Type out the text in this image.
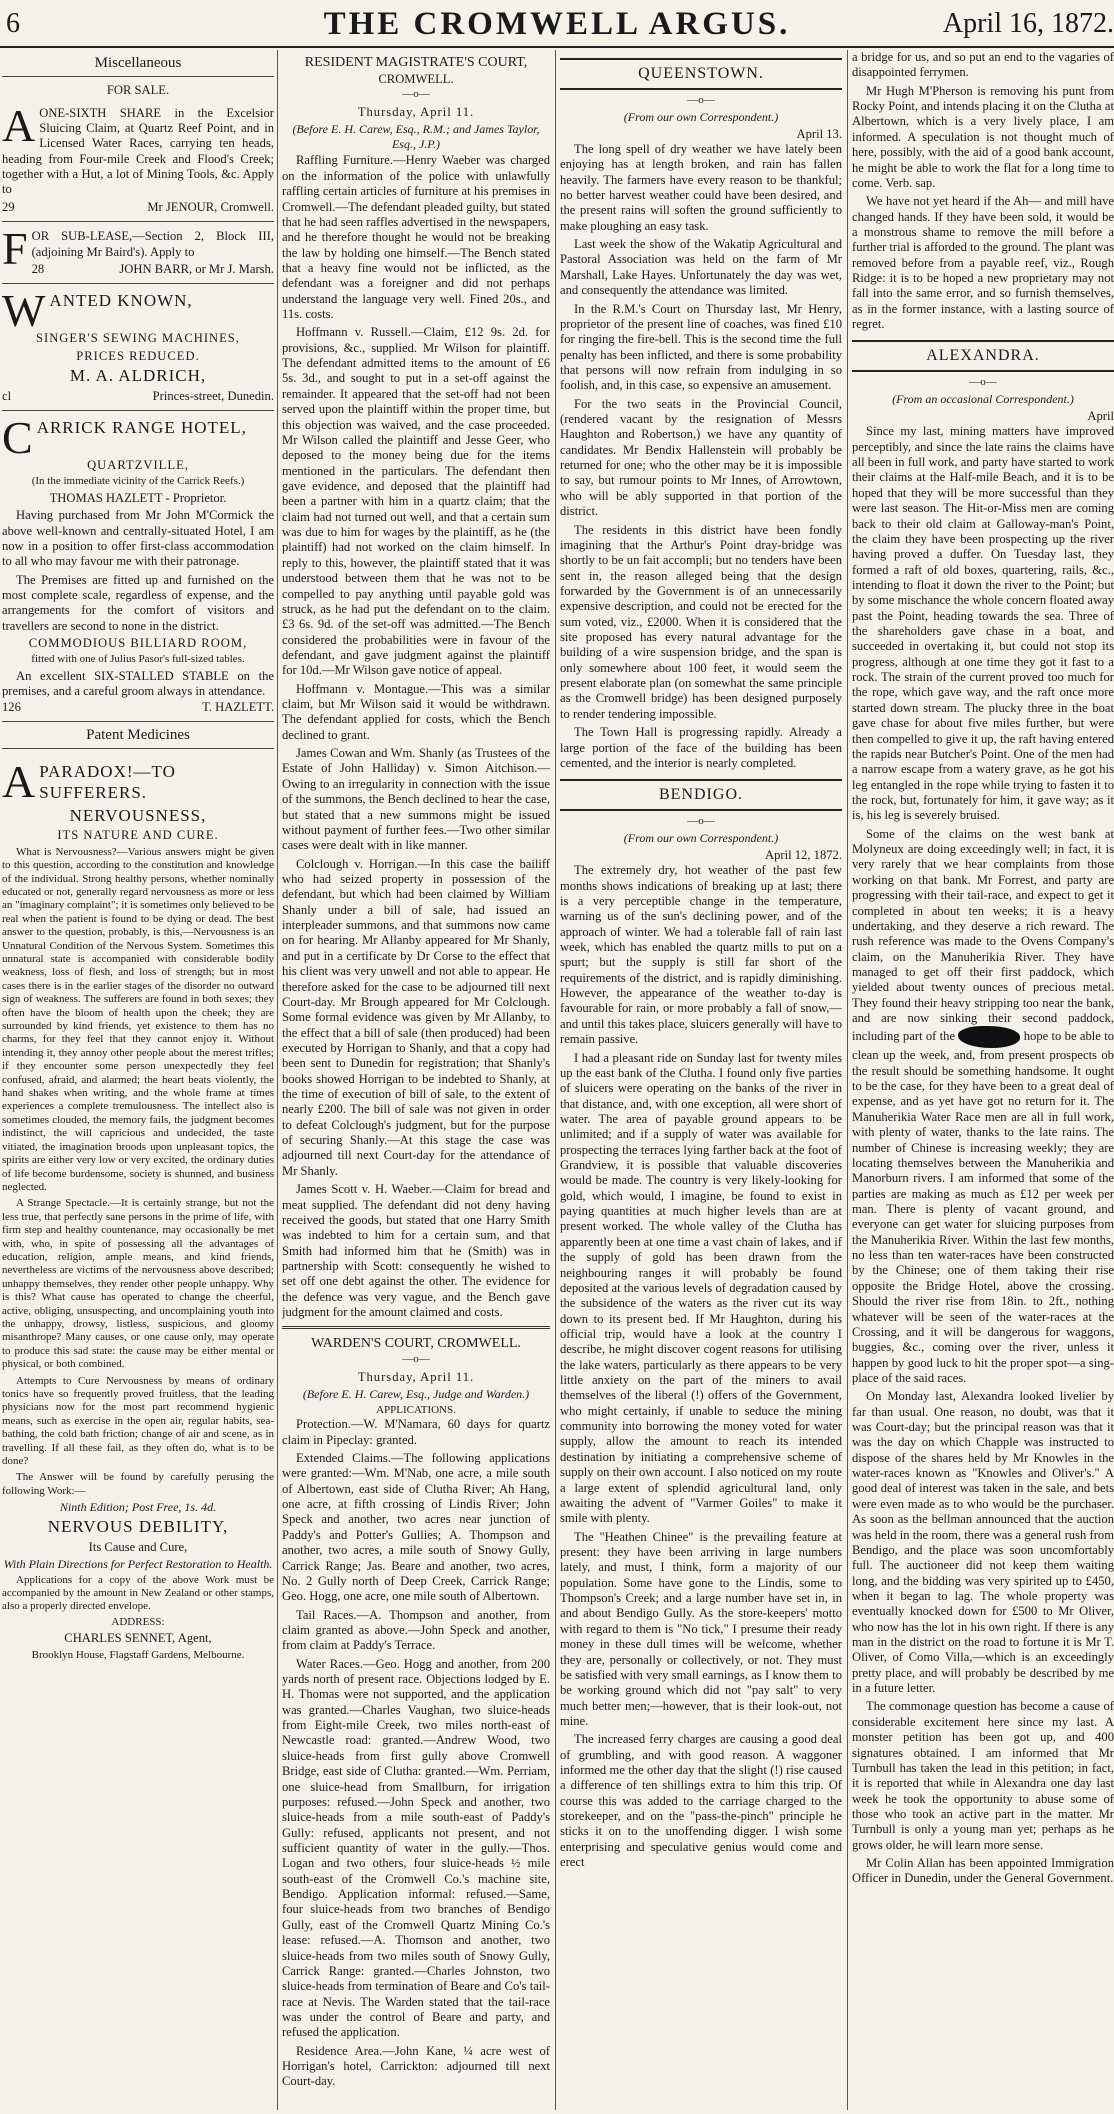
6	THE CROMWELL ARGUS.	April 16, 1872.
Miscellaneous
FOR SALE.
A ONE-SIXTH SHARE in the Excelsior Sluicing Claim, at Quartz Reef Point, and in Licensed Water Races, carrying ten heads, heading from Four-mile Creek and Flood's Creek; together with a Hut, a lot of Mining Tools, &c. Apply to

29	Mr JENOUR, Cromwell.
F OR SUB-LEASE,—Section 2, Block III, (adjoining Mr Baird's). Apply to

28	JOHN BARR, or Mr J. Marsh.
W ANTED KNOWN,

SINGER'S SEWING MACHINES,

PRICES REDUCED.

M. A. ALDRICH,

cl	Princes-street, Dunedin.
C ARRICK RANGE HOTEL,

QUARTZVILLE,

(In the immediate vicinity of the Carrick Reefs.)

THOMAS HAZLETT - Proprietor.

Having purchased from Mr John M'Cormick the above well-known and centrally-situated Hotel, I am now in a position to offer first-class accommodation to all who may favour me with their patronage.

The Premises are fitted up and furnished on the most complete scale, regardless of expense, and the arrangements for the comfort of visitors and travellers are second to none in the district.

COMMODIOUS BILLIARD ROOM,

fitted with one of Julius Pasor's full-sized tables.

An excellent SIX-STALLED STABLE on the premises, and a careful groom always in attendance.

126	T. HAZLETT.
Patent Medicines
A PARADOX!—TO SUFFERERS.

NERVOUSNESS,

ITS NATURE AND CURE.

What is Nervousness?—Various answers might be given to this question, according to the constitution and knowledge of the individual. Strong healthy persons, whether nominally educated or not, generally regard nervousness as more or less an "imaginary complaint"; it is sometimes only believed to be real when the patient is found to be dying or dead. The best answer to the question, probably, is this,—Nervousness is an Unnatural Condition of the Nervous System. Sometimes this unnatural state is accompanied with considerable bodily weakness, loss of flesh, and loss of strength; but in most cases there is in the earlier stages of the disorder no outward sign of weakness. The sufferers are found in both sexes; they often have the bloom of health upon the cheek; they are surrounded by kind friends, yet existence to them has no charms, for they feel that they cannot enjoy it. Without intending it, they annoy other people about the merest trifles; if they encounter some person unexpectedly they feel confused, afraid, and alarmed; the heart beats violently, the hand shakes when writing, and the whole frame at times experiences a complete tremulousness. The intellect also is sometimes clouded, the memory fails, the judgment becomes indistinct, the will capricious and undecided, the taste vitiated, the imagination broods upon unpleasant topics, the spirits are either very low or very excited, the ordinary duties of life become burdensome, society is shunned, and business neglected.

A Strange Spectacle.—It is certainly strange, but not the less true, that perfectly sane persons in the prime of life, with firm step and healthy countenance, may occasionally be met with, who, in spite of possessing all the advantages of education, religion, ample means, and kind friends, nevertheless are victims of the nervousness above described; unhappy themselves, they render other people unhappy. Why is this? What cause has operated to change the cheerful, active, obliging, unsuspecting, and uncomplaining youth into the unhappy, drowsy, listless, suspicious, and gloomy misanthrope? Many causes, or one cause only, may operate to produce this sad state: the cause may be either mental or physical, or both combined.

Attempts to Cure Nervousness by means of ordinary tonics have so frequently proved fruitless, that the leading physicians now for the most part recommend hygienic means, such as exercise in the open air, regular habits, sea-bathing, the cold bath friction; change of air and scene, as in travelling. If all these fail, as they often do, what is to be done?

The Answer will be found by carefully perusing the following Work:—

Ninth Edition; Post Free, 1s. 4d.

NERVOUS DEBILITY,

Its Cause and Cure,

With Plain Directions for Perfect Restoration to Health.

Applications for a copy of the above Work must be accompanied by the amount in New Zealand or other stamps, also a properly directed envelope.

ADDRESS:

CHARLES SENNET, Agent,

Brooklyn House, Flagstaff Gardens, Melbourne.

RESIDENT MAGISTRATE'S COURT,
CROMWELL.
—o—
Thursday, April 11.
(Before E. H. Carew, Esq., R.M.; and James Taylor, Esq., J.P.)

Raffling Furniture.—Henry Waeber was charged on the information of the police with unlawfully raffling certain articles of furniture at his premises in Cromwell.—The defendant pleaded guilty, but stated that he had seen raffles advertised in the newspapers, and he therefore thought he would not be breaking the law by holding one himself.—The Bench stated that a heavy fine would not be inflicted, as the defendant was a foreigner and did not perhaps understand the language very well. Fined 20s., and 11s. costs.

Hoffmann v. Russell.—Claim, £12 9s. 2d. for provisions, &c., supplied. Mr Wilson for plaintiff. The defendant admitted items to the amount of £6 5s. 3d., and sought to put in a set-off against the remainder. It appeared that the set-off had not been served upon the plaintiff within the proper time, but this objection was waived, and the case proceeded. Mr Wilson called the plaintiff and Jesse Geer, who deposed to the money being due for the items mentioned in the particulars. The defendant then gave evidence, and deposed that the plaintiff had been a partner with him in a quartz claim; that the claim had not turned out well, and that a certain sum was due to him for wages by the plaintiff, as he (the plaintiff) had not worked on the claim himself. In reply to this, however, the plaintiff stated that it was understood between them that he was not to be compelled to pay anything until payable gold was struck, as he had put the defendant on to the claim. £3 6s. 9d. of the set-off was admitted.—The Bench considered the probabilities were in favour of the defendant, and gave judgment against the plaintiff for 10d.—Mr Wilson gave notice of appeal.

Hoffmann v. Montague.—This was a similar claim, but Mr Wilson said it would be withdrawn. The defendant applied for costs, which the Bench declined to grant.

James Cowan and Wm. Shanly (as Trustees of the Estate of John Halliday) v. Simon Aitchison.—Owing to an irregularity in connection with the issue of the summons, the Bench declined to hear the case, but stated that a new summons might be issued without payment of further fees.—Two other similar cases were dealt with in like manner.

Colclough v. Horrigan.—In this case the bailiff who had seized property in possession of the defendant, but which had been claimed by William Shanly under a bill of sale, had issued an interpleader summons, and that summons now came on for hearing. Mr Allanby appeared for Mr Shanly, and put in a certificate by Dr Corse to the effect that his client was very unwell and not able to appear. He therefore asked for the case to be adjourned till next Court-day. Mr Brough appeared for Mr Colclough. Some formal evidence was given by Mr Allanby, to the effect that a bill of sale (then produced) had been executed by Horrigan to Shanly, and that a copy had been sent to Dunedin for registration; that Shanly's books showed Horrigan to be indebted to Shanly, at the time of execution of bill of sale, to the extent of nearly £200. The bill of sale was not given in order to defeat Colclough's judgment, but for the purpose of securing Shanly.—At this stage the case was adjourned till next Court-day for the attendance of Mr Shanly.

James Scott v. H. Waeber.—Claim for bread and meat supplied. The defendant did not deny having received the goods, but stated that one Harry Smith was indebted to him for a certain sum, and that Smith had informed him that he (Smith) was in partnership with Scott: consequently he wished to set off one debt against the other. The evidence for the defence was very vague, and the Bench gave judgment for the amount claimed and costs.

WARDEN'S COURT, CROMWELL.
—o—
Thursday, April 11.
(Before E. H. Carew, Esq., Judge and Warden.)
APPLICATIONS.

Protection.—W. M'Namara, 60 days for quartz claim in Pipeclay: granted.

Extended Claims.—The following applications were granted:—Wm. M'Nab, one acre, a mile south of Albertown, east side of Clutha River; Ah Hang, one acre, at fifth crossing of Lindis River; John Speck and another, two acres near junction of Paddy's and Potter's Gullies; A. Thompson and another, two acres, a mile south of Snowy Gully, Carrick Range; Jas. Beare and another, two acres, No. 2 Gully north of Deep Creek, Carrick Range; Geo. Hogg, one acre, one mile south of Albertown.

Tail Races.—A. Thompson and another, from claim granted as above.—John Speck and another, from claim at Paddy's Terrace.

Water Races.—Geo. Hogg and another, from 200 yards north of present race. Objections lodged by E. H. Thomas were not supported, and the application was granted.—Charles Vaughan, two sluice-heads from Eight-mile Creek, two miles north-east of Newcastle road: granted.—Andrew Wood, two sluice-heads from first gully above Cromwell Bridge, east side of Clutha: granted.—Wm. Perriam, one sluice-head from Smallburn, for irrigation purposes: refused.—John Speck and another, two sluice-heads from a mile south-east of Paddy's Gully: refused, applicants not present, and not sufficient quantity of water in the gully.—Thos. Logan and two others, four sluice-heads ½ mile south-east of the Cromwell Co.'s machine site, Bendigo. Application informal: refused.—Same, four sluice-heads from two branches of Bendigo Gully, east of the Cromwell Quartz Mining Co.'s lease: refused.—A. Thomson and another, two sluice-heads from two miles south of Snowy Gully, Carrick Range: granted.—Charles Johnston, two sluice-heads from termination of Beare and Co's tail-race at Nevis. The Warden stated that the tail-race was under the control of Beare and party, and refused the application.

Residence Area.—John Kane, ¼ acre west of Horrigan's hotel, Carrickton: adjourned till next Court-day.

QUEENSTOWN.
—o—
(From our own Correspondent.)
April 13.

The long spell of dry weather we have lately been enjoying has at length broken, and rain has fallen heavily. The farmers have every reason to be thankful; no better harvest weather could have been desired, and the present rains will soften the ground sufficiently to make ploughing an easy task.

Last week the show of the Wakatip Agricultural and Pastoral Association was held on the farm of Mr Marshall, Lake Hayes. Unfortunately the day was wet, and consequently the attendance was limited.

In the R.M.'s Court on Thursday last, Mr Henry, proprietor of the present line of coaches, was fined £10 for ringing the fire-bell. This is the second time the full penalty has been inflicted, and there is some probability that persons will now refrain from indulging in so foolish, and, in this case, so expensive an amusement.

For the two seats in the Provincial Council, (rendered vacant by the resignation of Messrs Haughton and Robertson,) we have any quantity of candidates. Mr Bendix Hallenstein will probably be returned for one; who the other may be it is impossible to say, but rumour points to Mr Innes, of Arrowtown, who will be ably supported in that portion of the district.

The residents in this district have been fondly imagining that the Arthur's Point dray-bridge was shortly to be un fait accompli; but no tenders have been sent in, the reason alleged being that the design forwarded by the Government is of an unnecessarily expensive description, and could not be erected for the sum voted, viz., £2000. When it is considered that the site proposed has every natural advantage for the building of a wire suspension bridge, and the span is only somewhere about 100 feet, it would seem the present elaborate plan (on somewhat the same principle as the Cromwell bridge) has been designed purposely to render tendering impossible.

The Town Hall is progressing rapidly. Already a large portion of the face of the building has been cemented, and the interior is nearly completed.

BENDIGO.
—o—
(From our own Correspondent.)
April 12, 1872.

The extremely dry, hot weather of the past few months shows indications of breaking up at last; there is a very perceptible change in the temperature, warning us of the sun's declining power, and of the approach of winter. We had a tolerable fall of rain last week, which has enabled the quartz mills to put on a spurt; but the supply is still far short of the requirements of the district, and is rapidly diminishing. However, the appearance of the weather to-day is favourable for rain, or more probably a fall of snow,—and until this takes place, sluicers generally will have to remain passive.

I had a pleasant ride on Sunday last for twenty miles up the east bank of the Clutha. I found only five parties of sluicers were operating on the banks of the river in that distance, and, with one exception, all were short of water. The area of payable ground appears to be unlimited; and if a supply of water was available for prospecting the terraces lying farther back at the foot of Grandview, it is possible that valuable discoveries would be made. The country is very likely-looking for gold, which would, I imagine, be found to exist in paying quantities at much higher levels than are at present worked. The whole valley of the Clutha has apparently been at one time a vast chain of lakes, and if the supply of gold has been drawn from the neighbouring ranges it will probably be found deposited at the various levels of degradation caused by the subsidence of the waters as the river cut its way down to its present bed. If Mr Haughton, during his official trip, would have a look at the country I describe, he might discover cogent reasons for utilising the lake waters, particularly as there appears to be very little anxiety on the part of the miners to avail themselves of the liberal (!) offers of the Government, who might certainly, if unable to seduce the mining community into borrowing the money voted for water supply, allow the amount to reach its intended destination by initiating a comprehensive scheme of supply on their own account. I also noticed on my route a large extent of splendid agricultural land, only awaiting the advent of "Varmer Goiles" to make it smile with plenty.

The "Heathen Chinee" is the prevailing feature at present: they have been arriving in large numbers lately, and must, I think, form a majority of our population. Some have gone to the Lindis, some to Thompson's Creek; and a large number have set in, in and about Bendigo Gully. As the store-keepers' motto with regard to them is "No tick," I presume their ready money in these dull times will be welcome, whether they are, personally or collectively, or not. They must be satisfied with very small earnings, as I know them to be working ground which did not "pay salt" to very much better men;—however, that is their look-out, not mine.

The increased ferry charges are causing a good deal of grumbling, and with good reason. A waggoner informed me the other day that the slight (!) rise caused a difference of ten shillings extra to him this trip. Of course this was added to the carriage charged to the storekeeper, and on the "pass-the-pinch" principle he sticks it on to the unoffending digger. I wish some enterprising and speculative genius would come and erect

a bridge for us, and so put an end to the vagaries of disappointed ferrymen.

Mr Hugh M'Pherson is removing his punt from Rocky Point, and intends placing it on the Clutha at Albertown, which is a very lively place, I am informed. A speculation is not thought much of here, possibly, with the aid of a good bank account, he might be able to work the flat for a long time to come. Verb. sap.

We have not yet heard if the Ah— and mill have changed hands. If they have been sold, it would be a monstrous shame to remove the mill before a further trial is afforded to the ground. The plant was removed before from a payable reef, viz., Rough Ridge: it is to be hoped a new proprietary may not fall into the same error, and so furnish themselves, as in the former instance, with a lasting source of regret.

ALEXANDRA.
—o—
(From an occasional Correspondent.)
April

Since my last, mining matters have improved perceptibly, and since the late rains the claims have all been in full work, and party have started to work their claims at the Half-mile Beach, and it is to be hoped that they will be more successful than they were last season. The Hit-or-Miss men are coming back to their old claim at Galloway-man's Point, the claim they have been prospecting up the river having proved a duffer. On Tuesday last, they formed a raft of old boxes, quartering, rails, &c., intending to float it down the river to the Point; but by some mischance the whole concern floated away past the Point, heading towards the sea. Three of the shareholders gave chase in a boat, and succeeded in overtaking it, but could not stop its progress, although at one time they got it fast to a rock. The strain of the current proved too much for the rope, which gave way, and the raft once more started down stream. The plucky three in the boat gave chase for about five miles further, but were then compelled to give it up, the raft having entered the rapids near Butcher's Point. One of the men had a narrow escape from a watery grave, as he got his leg entangled in the rope while trying to fasten it to the rock, but, fortunately for him, it gave way; as it is, his leg is severely bruised.

Some of the claims on the west bank at Molyneux are doing exceedingly well; in fact, it is very rarely that we hear complaints from those working on that bank. Mr Forrest, and party are progressing with their tail-race, and expect to get it completed in about ten weeks; it is a heavy undertaking, and they deserve a rich reward. The rush reference was made to the Ovens Company's claim, on the Manuherikia River. They have managed to get off their first paddock, which yielded about twenty ounces of precious metal. They found their heavy stripping too near the bank, and are now sinking their second paddock, including part of the	hope to be able to clean up the week, and, from present prospects ob the result should be something handsome. It ought to be the case, for they have been to a great deal of expense, and as yet have got no return for it. The Manuherikia Water Race men are all in full work, with plenty of water, thanks to the late rains. The number of Chinese is increasing weekly; they are locating themselves between the Manuherikia and Manorburn rivers. I am informed that some of the parties are making as much as £12 per week per man. There is plenty of vacant ground, and everyone can get water for sluicing purposes from the Manuherikia River. Within the last few months, no less than ten water-races have been constructed by the Chinese; one of them taking their rise opposite the Bridge Hotel, above the crossing. Should the river rise from 18in. to 2ft., nothing whatever will be seen of the water-races at the Crossing, and it will be dangerous for waggons, buggies, &c., coming over the river, unless it happen by good luck to hit the proper spot—a sing-place of the said races.

On Monday last, Alexandra looked livelier by far than usual. One reason, no doubt, was that it was Court-day; but the principal reason was that it was the day on which Chapple was instructed to dispose of the shares held by Mr Knowles in the water-races known as "Knowles and Oliver's." A good deal of interest was taken in the sale, and bets were even made as to who would be the purchaser. As soon as the bellman announced that the auction was held in the room, there was a general rush from Bendigo, and the place was soon uncomfortably full. The auctioneer did not keep them waiting long, and the bidding was very spirited up to £450, when it began to lag. The whole property was eventually knocked down for £500 to Mr Oliver, who now has the lot in his own right. If there is any man in the district on the road to fortune it is Mr T. Oliver, of Como Villa,—which is an exceedingly pretty place, and will probably be described by me in a future letter.

The commonage question has become a cause of considerable excitement here since my last. A monster petition has been got up, and 400 signatures obtained. I am informed that Mr Turnbull has taken the lead in this petition; in fact, it is reported that while in Alexandra one day last week he took the opportunity to abuse some of those who took an active part in the matter. Mr Turnbull is only a young man yet; perhaps as he grows older, he will learn more sense.

Mr Colin Allan has been appointed Immigration Officer in Dunedin, under the General Government.
